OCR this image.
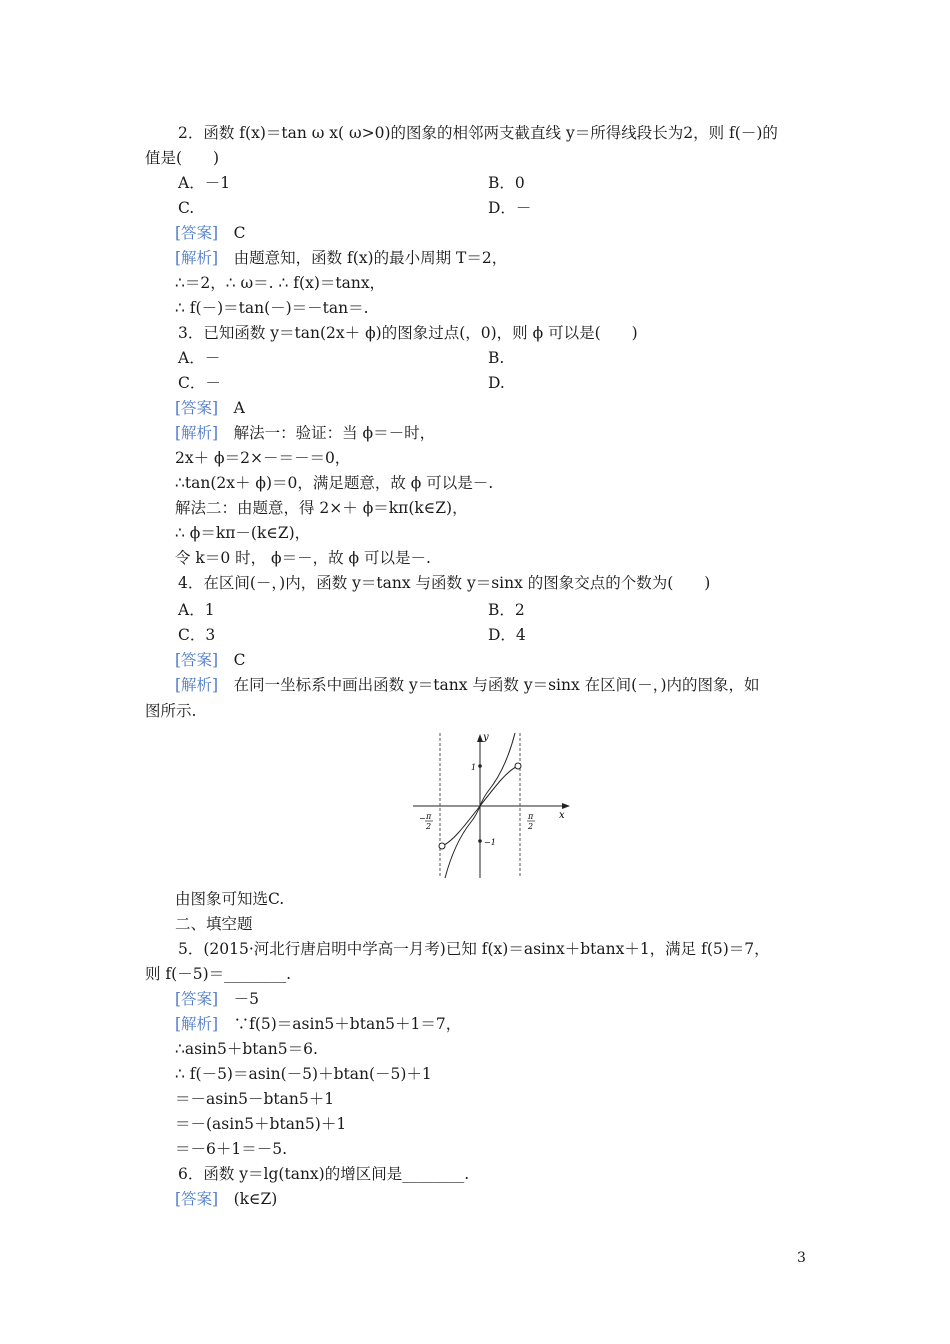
2．函数 f(x)＝tan ω x( ω>0)的图象的相邻两支截直线 y＝所得线段长为2，则 f(－)的
值是(　　)
A．－1	B．0
C.	D．－
[答案]　C
[解析]　由题意知，函数 f(x)的最小周期 T＝2，
∴＝2，∴ ω＝. ∴ f(x)＝tanx，
∴ f(－)＝tan(－)＝－tan＝.
3．已知函数 y＝tan(2x＋ ϕ)的图象过点(，0)，则 ϕ 可以是(　　)
A．－	B.
C．－	D.
[答案]　A
[解析]　解法一：验证：当 ϕ＝－时，
2x＋ ϕ＝2×－＝－＝0，
∴tan(2x＋ ϕ)＝0，满足题意，故 ϕ 可以是－.
解法二：由题意，得 2×＋ ϕ＝kπ(k∈Z)，
∴ ϕ＝kπ－(k∈Z)，
令 k＝0 时， ϕ＝－，故 ϕ 可以是－.
4．在区间(－，)内，函数 y＝tanx 与函数 y＝sinx 的图象交点的个数为(　　)
A．1	B．2
C．3	D．4
[答案]　C
[解析]　在同一坐标系中画出函数 y＝tanx 与函数 y＝sinx 在区间(－，)内的图象，如
图所示.
y
x
1
−1
− π
2
π
2
由图象可知选C.
二、填空题
5．(2015·河北行唐启明中学高一月考)已知 f(x)＝asinx＋btanx＋1，满足 f(5)＝7，
则 f(－5)＝________.
[答案]　－5
[解析]　∵f(5)＝asin5＋btan5＋1＝7，
∴asin5＋btan5＝6.
∴ f(－5)＝asin(－5)＋btan(－5)＋1
＝－asin5－btan5＋1
＝－(asin5＋btan5)＋1
＝－6＋1＝－5.
6．函数 y＝lg(tanx)的增区间是________.
[答案]　(k∈Z)
3
